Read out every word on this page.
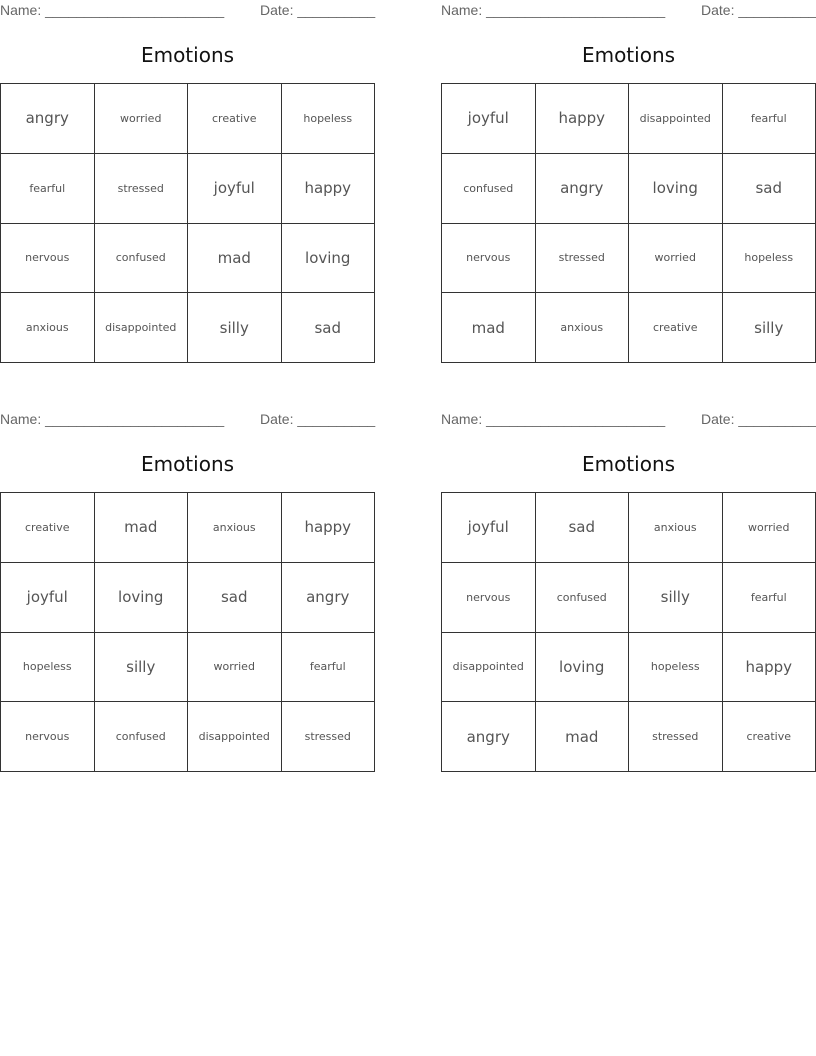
Name: _______________________	Date: __________
Emotions
angry	worried	creative	hopeless
fearful	stressed	joyful	happy
nervous	confused	mad	loving
anxious	disappointed	silly	sad
Name: _______________________	Date: __________
Emotions
joyful	happy	disappointed	fearful
confused	angry	loving	sad
nervous	stressed	worried	hopeless
mad	anxious	creative	silly
Name: _______________________	Date: __________
Emotions
creative	mad	anxious	happy
joyful	loving	sad	angry
hopeless	silly	worried	fearful
nervous	confused	disappointed	stressed
Name: _______________________	Date: __________
Emotions
joyful	sad	anxious	worried
nervous	confused	silly	fearful
disappointed	loving	hopeless	happy
angry	mad	stressed	creative
